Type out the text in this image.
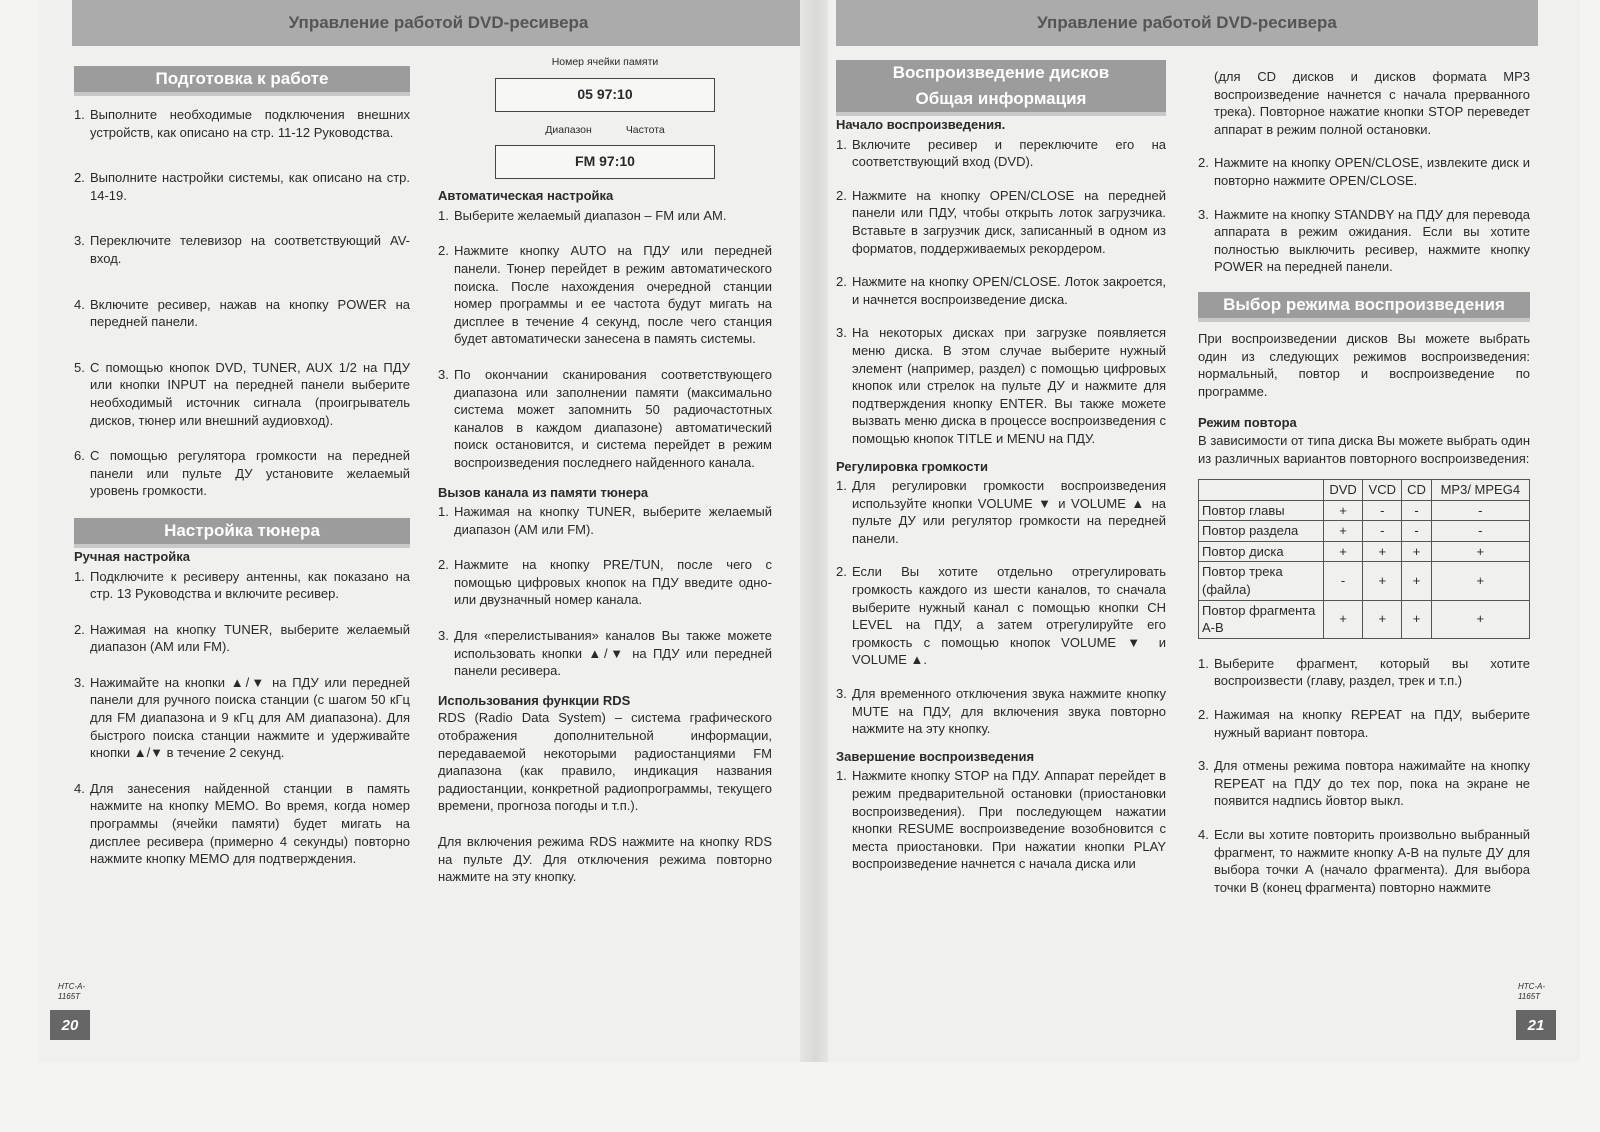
Управление работой DVD-ресивера
Подготовка к работе
1. Выполните необходимые подключения внешних устройств, как описано на стр. 11-12 Руководства.
2. Выполните настройки системы, как описано на стр. 14-19.
3. Переключите телевизор на соответствующий AV-вход.
4. Включите ресивер, нажав на кнопку POWER на передней панели.
5. С помощью кнопок DVD, TUNER, AUX 1/2 на ПДУ или кнопки INPUT на передней панели выберите необходимый источник сигнала (проигрыватель дисков, тюнер или внешний аудиовход).
6. С помощью регулятора громкости на передней панели или пульте ДУ установите желаемый уровень громкости.
Настройка тюнера

Ручная настройка

1. Подключите к ресиверу антенны, как показано на стр. 13 Руководства и включите ресивер.
2. Нажимая на кнопку TUNER, выберите желаемый диапазон (AM или FM).
3. Нажимайте на кнопки ▲/▼ на ПДУ или передней панели для ручного поиска станции (с шагом 50 кГц для FM диапазона и 9 кГц для AM диапазона). Для быстрого поиска станции нажмите и удерживайте кнопки ▲/▼ в течение 2 секунд.
4. Для занесения найденной станции в память нажмите на кнопку MEMO. Во время, когда номер программы (ячейки памяти) будет мигать на дисплее ресивера (примерно 4 секунды) повторно нажмите кнопку MEMO для подтверждения.
Номер ячейки памяти
05 97:10
Диапазон	Частота
FM 97:10

Автоматическая настройка

1. Выберите желаемый диапазон – FM или AM.
2. Нажмите кнопку AUTO на ПДУ или передней панели. Тюнер перейдет в режим автоматического поиска. После нахождения очередной станции номер программы и ее частота будут мигать на дисплее в течение 4 секунд, после чего станция будет автоматически занесена в память системы.
3. По окончании сканирования соответствующего диапазона или заполнении памяти (максимально система может запомнить 50 радиочастотных каналов в каждом диапазоне) автоматический поиск остановится, и система перейдет в режим воспроизведения последнего найденного канала.

Вызов канала из памяти тюнера

1. Нажимая на кнопку TUNER, выберите желаемый диапазон (AM или FM).
2. Нажмите на кнопку PRE/TUN, после чего с помощью цифровых кнопок на ПДУ введите одно- или двузначный номер канала.
3. Для «перелистывания» каналов Вы также можете использовать кнопки ▲/▼ на ПДУ или передней панели ресивера.

Использования функции RDS

RDS (Radio Data System) – система графического отображения дополнительной информации, передаваемой некоторыми радиостанциями FM диапазона (как правило, индикация названия радиостанции, конкретной радиопрограммы, текущего времени, прогноза погоды и т.п.).

Для включения режима RDS нажмите на кнопку RDS на пульте ДУ. Для отключения режима повторно нажмите на эту кнопку.

HTC-A-1165T
20
Управление работой DVD-ресивера
Воспроизведение дисков
Общая информация

Начало воспроизведения.

1. Включите ресивер и переключите его на соответствующий вход (DVD).
2. Нажмите на кнопку OPEN/CLOSE на передней панели или ПДУ, чтобы открыть лоток загрузчика. Вставьте в загрузчик диск, записанный в одном из форматов, поддерживаемых рекордером.
2. Нажмите на кнопку OPEN/CLOSE. Лоток закроется, и начнется воспроизведение диска.
3. На некоторых дисках при загрузке появляется меню диска. В этом случае выберите нужный элемент (например, раздел) с помощью цифровых кнопок или стрелок на пульте ДУ и нажмите для подтверждения кнопку ENTER. Вы также можете вызвать меню диска в процессе воспроизведения с помощью кнопок TITLE и MENU на ПДУ.

Регулировка громкости

1. Для регулировки громкости воспроизведения используйте кнопки VOLUME ▼ и VOLUME ▲ на пульте ДУ или регулятор громкости на передней панели.
2. Если Вы хотите отдельно отрегулировать громкость каждого из шести каналов, то сначала выберите нужный канал с помощью кнопки CH LEVEL на ПДУ, а затем отрегулируйте его громкость с помощью кнопок VOLUME ▼ и VOLUME ▲.
3. Для временного отключения звука нажмите кнопку MUTE на ПДУ, для включения звука повторно нажмите на эту кнопку.

Завершение воспроизведения

1. Нажмите кнопку STOP на ПДУ. Аппарат перейдет в режим предварительной остановки (приостановки воспроизведения). При последующем нажатии кнопки RESUME воспроизведение возобновится с места приостановки. При нажатии кнопки PLAY воспроизведение начнется с начала диска или

(для CD дисков и дисков формата MP3 воспроизведение начнется с начала прерванного трека). Повторное нажатие кнопки STOP переведет аппарат в режим полной остановки.

2. Нажмите на кнопку OPEN/CLOSE, извлеките диск и повторно нажмите OPEN/CLOSE.
3. Нажмите на кнопку STANDBY на ПДУ для перевода аппарата в режим ожидания. Если вы хотите полностью выключить ресивер, нажмите кнопку POWER на передней панели.
Выбор режима воспроизведения

При воспроизведении дисков Вы можете выбрать один из следующих режимов воспроизведения: нормальный, повтор и воспроизведение по программе.

Режим повтора

В зависимости от типа диска Вы можете выбрать один из различных вариантов повторного воспроизведения:

	DVD	VCD	CD	MP3/ MPEG4
Повтор главы	+	-	-	-
Повтор раздела	+	-	-	-
Повтор диска	+	+	+	+
Повтор трека (файла)	-	+	+	+
Повтор фрагмента A-B	+	+	+	+
1. Выберите фрагмент, который вы хотите воспроизвести (главу, раздел, трек и т.п.)
2. Нажимая на кнопку REPEAT на ПДУ, выберите нужный вариант повтора.
3. Для отмены режима повтора нажимайте на кнопку REPEAT на ПДУ до тех пор, пока на экране не появится надпись йовтор выкл.
4. Если вы хотите повторить произвольно выбранный фрагмент, то нажмите кнопку A-B на пульте ДУ для выбора точки А (начало фрагмента). Для выбора точки В (конец фрагмента) повторно нажмите
HTC-A-1165T
21
